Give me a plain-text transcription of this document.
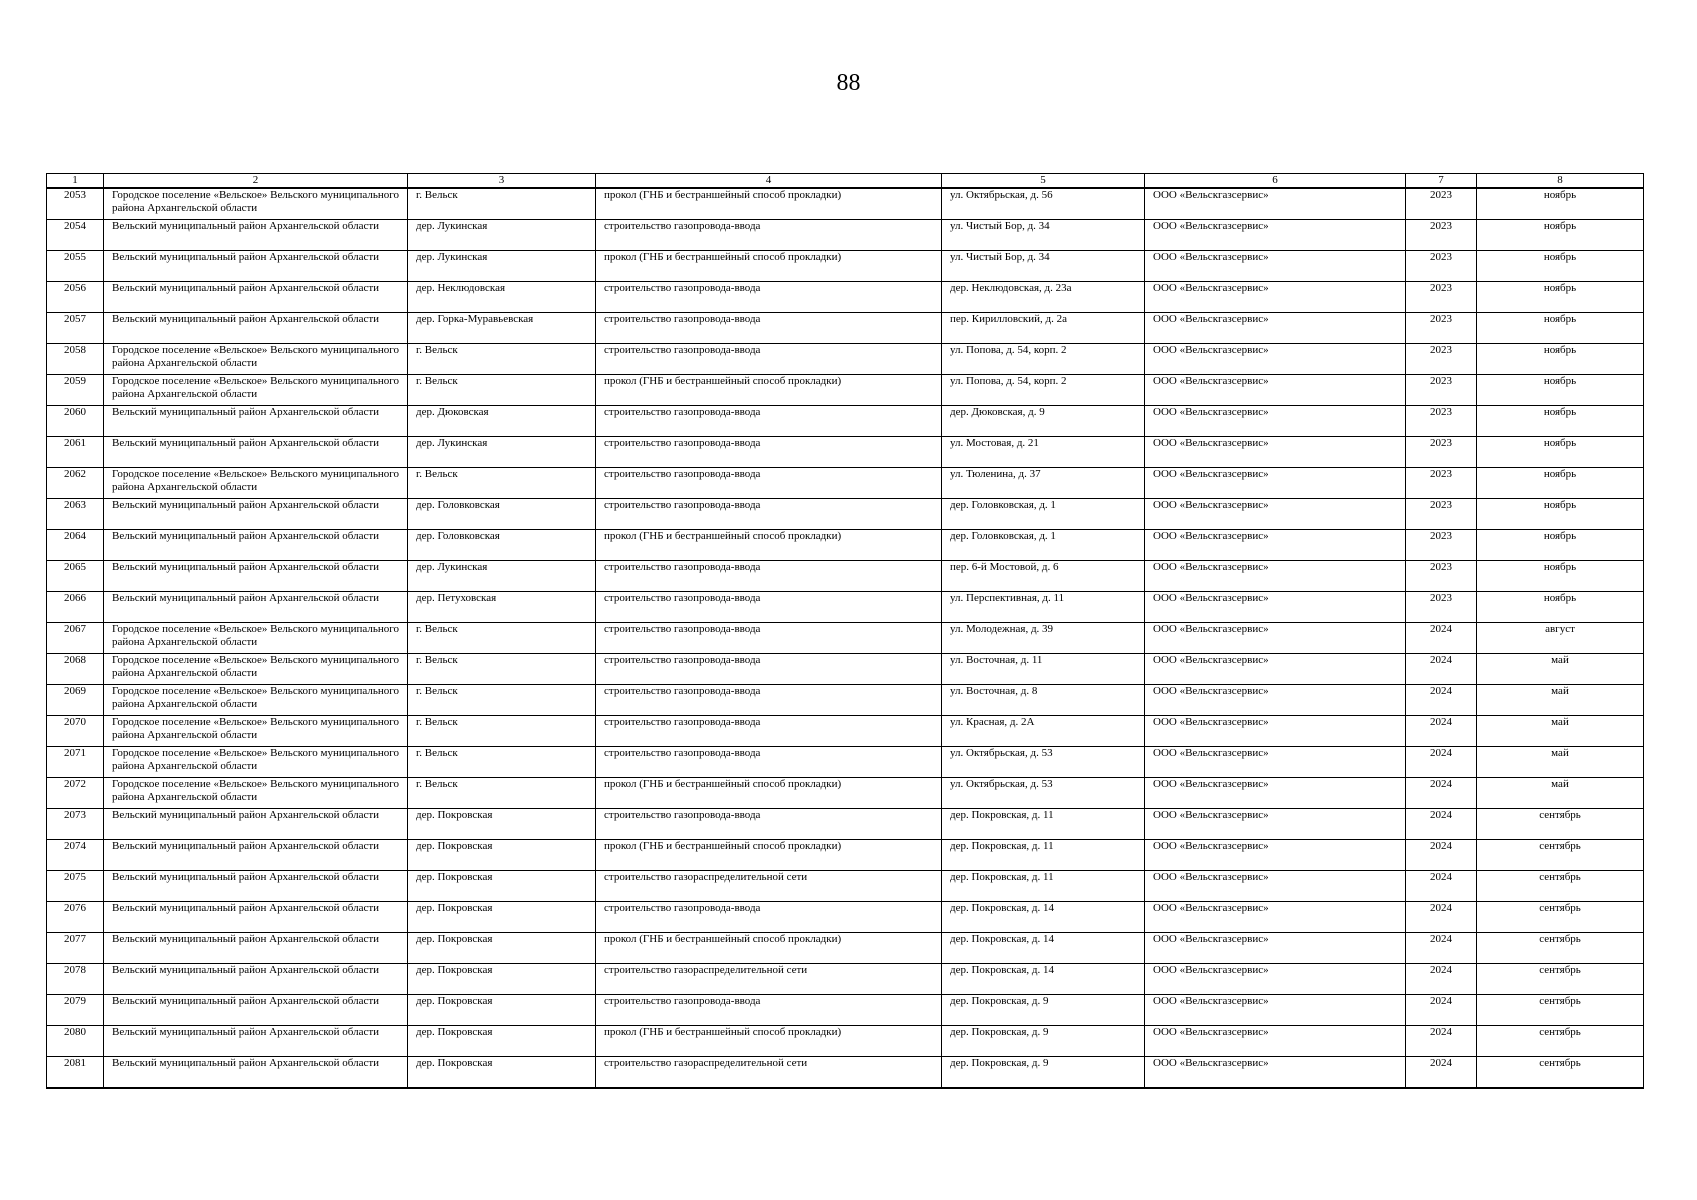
88
1	2	3	4	5	6	7	8
2053	Городское поселение «Вельское» Вельского муниципального района Архангельской области	г. Вельск	прокол (ГНБ и бестраншейный способ прокладки)	ул. Октябрьская, д. 56	ООО «Вельскгазсервис»	2023	ноябрь
2054	Вельский муниципальный район Архангельской области	дер. Лукинская	строительство газопровода-ввода	ул. Чистый Бор, д. 34	ООО «Вельскгазсервис»	2023	ноябрь
2055	Вельский муниципальный район Архангельской области	дер. Лукинская	прокол (ГНБ и бестраншейный способ прокладки)	ул. Чистый Бор, д. 34	ООО «Вельскгазсервис»	2023	ноябрь
2056	Вельский муниципальный район Архангельской области	дер. Неклюдовская	строительство газопровода-ввода	дер. Неклюдовская, д. 23а	ООО «Вельскгазсервис»	2023	ноябрь
2057	Вельский муниципальный район Архангельской области	дер. Горка-Муравьевская	строительство газопровода-ввода	пер. Кирилловский, д. 2а	ООО «Вельскгазсервис»	2023	ноябрь
2058	Городское поселение «Вельское» Вельского муниципального района Архангельской области	г. Вельск	строительство газопровода-ввода	ул. Попова, д. 54, корп. 2	ООО «Вельскгазсервис»	2023	ноябрь
2059	Городское поселение «Вельское» Вельского муниципального района Архангельской области	г. Вельск	прокол (ГНБ и бестраншейный способ прокладки)	ул. Попова, д. 54, корп. 2	ООО «Вельскгазсервис»	2023	ноябрь
2060	Вельский муниципальный район Архангельской области	дер. Дюковская	строительство газопровода-ввода	дер. Дюковская, д. 9	ООО «Вельскгазсервис»	2023	ноябрь
2061	Вельский муниципальный район Архангельской области	дер. Лукинская	строительство газопровода-ввода	ул. Мостовая, д. 21	ООО «Вельскгазсервис»	2023	ноябрь
2062	Городское поселение «Вельское» Вельского муниципального района Архангельской области	г. Вельск	строительство газопровода-ввода	ул. Тюленина, д. 37	ООО «Вельскгазсервис»	2023	ноябрь
2063	Вельский муниципальный район Архангельской области	дер. Головковская	строительство газопровода-ввода	дер. Головковская, д. 1	ООО «Вельскгазсервис»	2023	ноябрь
2064	Вельский муниципальный район Архангельской области	дер. Головковская	прокол (ГНБ и бестраншейный способ прокладки)	дер. Головковская, д. 1	ООО «Вельскгазсервис»	2023	ноябрь
2065	Вельский муниципальный район Архангельской области	дер. Лукинская	строительство газопровода-ввода	пер. 6-й Мостовой, д. 6	ООО «Вельскгазсервис»	2023	ноябрь
2066	Вельский муниципальный район Архангельской области	дер. Петуховская	строительство газопровода-ввода	ул. Перспективная, д. 11	ООО «Вельскгазсервис»	2023	ноябрь
2067	Городское поселение «Вельское» Вельского муниципального района Архангельской области	г. Вельск	строительство газопровода-ввода	ул. Молодежная, д. 39	ООО «Вельскгазсервис»	2024	август
2068	Городское поселение «Вельское» Вельского муниципального района Архангельской области	г. Вельск	строительство газопровода-ввода	ул. Восточная, д. 11	ООО «Вельскгазсервис»	2024	май
2069	Городское поселение «Вельское» Вельского муниципального района Архангельской области	г. Вельск	строительство газопровода-ввода	ул. Восточная, д. 8	ООО «Вельскгазсервис»	2024	май
2070	Городское поселение «Вельское» Вельского муниципального района Архангельской области	г. Вельск	строительство газопровода-ввода	ул. Красная, д. 2А	ООО «Вельскгазсервис»	2024	май
2071	Городское поселение «Вельское» Вельского муниципального района Архангельской области	г. Вельск	строительство газопровода-ввода	ул. Октябрьская, д. 53	ООО «Вельскгазсервис»	2024	май
2072	Городское поселение «Вельское» Вельского муниципального района Архангельской области	г. Вельск	прокол (ГНБ и бестраншейный способ прокладки)	ул. Октябрьская, д. 53	ООО «Вельскгазсервис»	2024	май
2073	Вельский муниципальный район Архангельской области	дер. Покровская	строительство газопровода-ввода	дер. Покровская, д. 11	ООО «Вельскгазсервис»	2024	сентябрь
2074	Вельский муниципальный район Архангельской области	дер. Покровская	прокол (ГНБ и бестраншейный способ прокладки)	дер. Покровская, д. 11	ООО «Вельскгазсервис»	2024	сентябрь
2075	Вельский муниципальный район Архангельской области	дер. Покровская	строительство газораспределительной сети	дер. Покровская, д. 11	ООО «Вельскгазсервис»	2024	сентябрь
2076	Вельский муниципальный район Архангельской области	дер. Покровская	строительство газопровода-ввода	дер. Покровская, д. 14	ООО «Вельскгазсервис»	2024	сентябрь
2077	Вельский муниципальный район Архангельской области	дер. Покровская	прокол (ГНБ и бестраншейный способ прокладки)	дер. Покровская, д. 14	ООО «Вельскгазсервис»	2024	сентябрь
2078	Вельский муниципальный район Архангельской области	дер. Покровская	строительство газораспределительной сети	дер. Покровская, д. 14	ООО «Вельскгазсервис»	2024	сентябрь
2079	Вельский муниципальный район Архангельской области	дер. Покровская	строительство газопровода-ввода	дер. Покровская, д. 9	ООО «Вельскгазсервис»	2024	сентябрь
2080	Вельский муниципальный район Архангельской области	дер. Покровская	прокол (ГНБ и бестраншейный способ прокладки)	дер. Покровская, д. 9	ООО «Вельскгазсервис»	2024	сентябрь
2081	Вельский муниципальный район Архангельской области	дер. Покровская	строительство газораспределительной сети	дер. Покровская, д. 9	ООО «Вельскгазсервис»	2024	сентябрь
